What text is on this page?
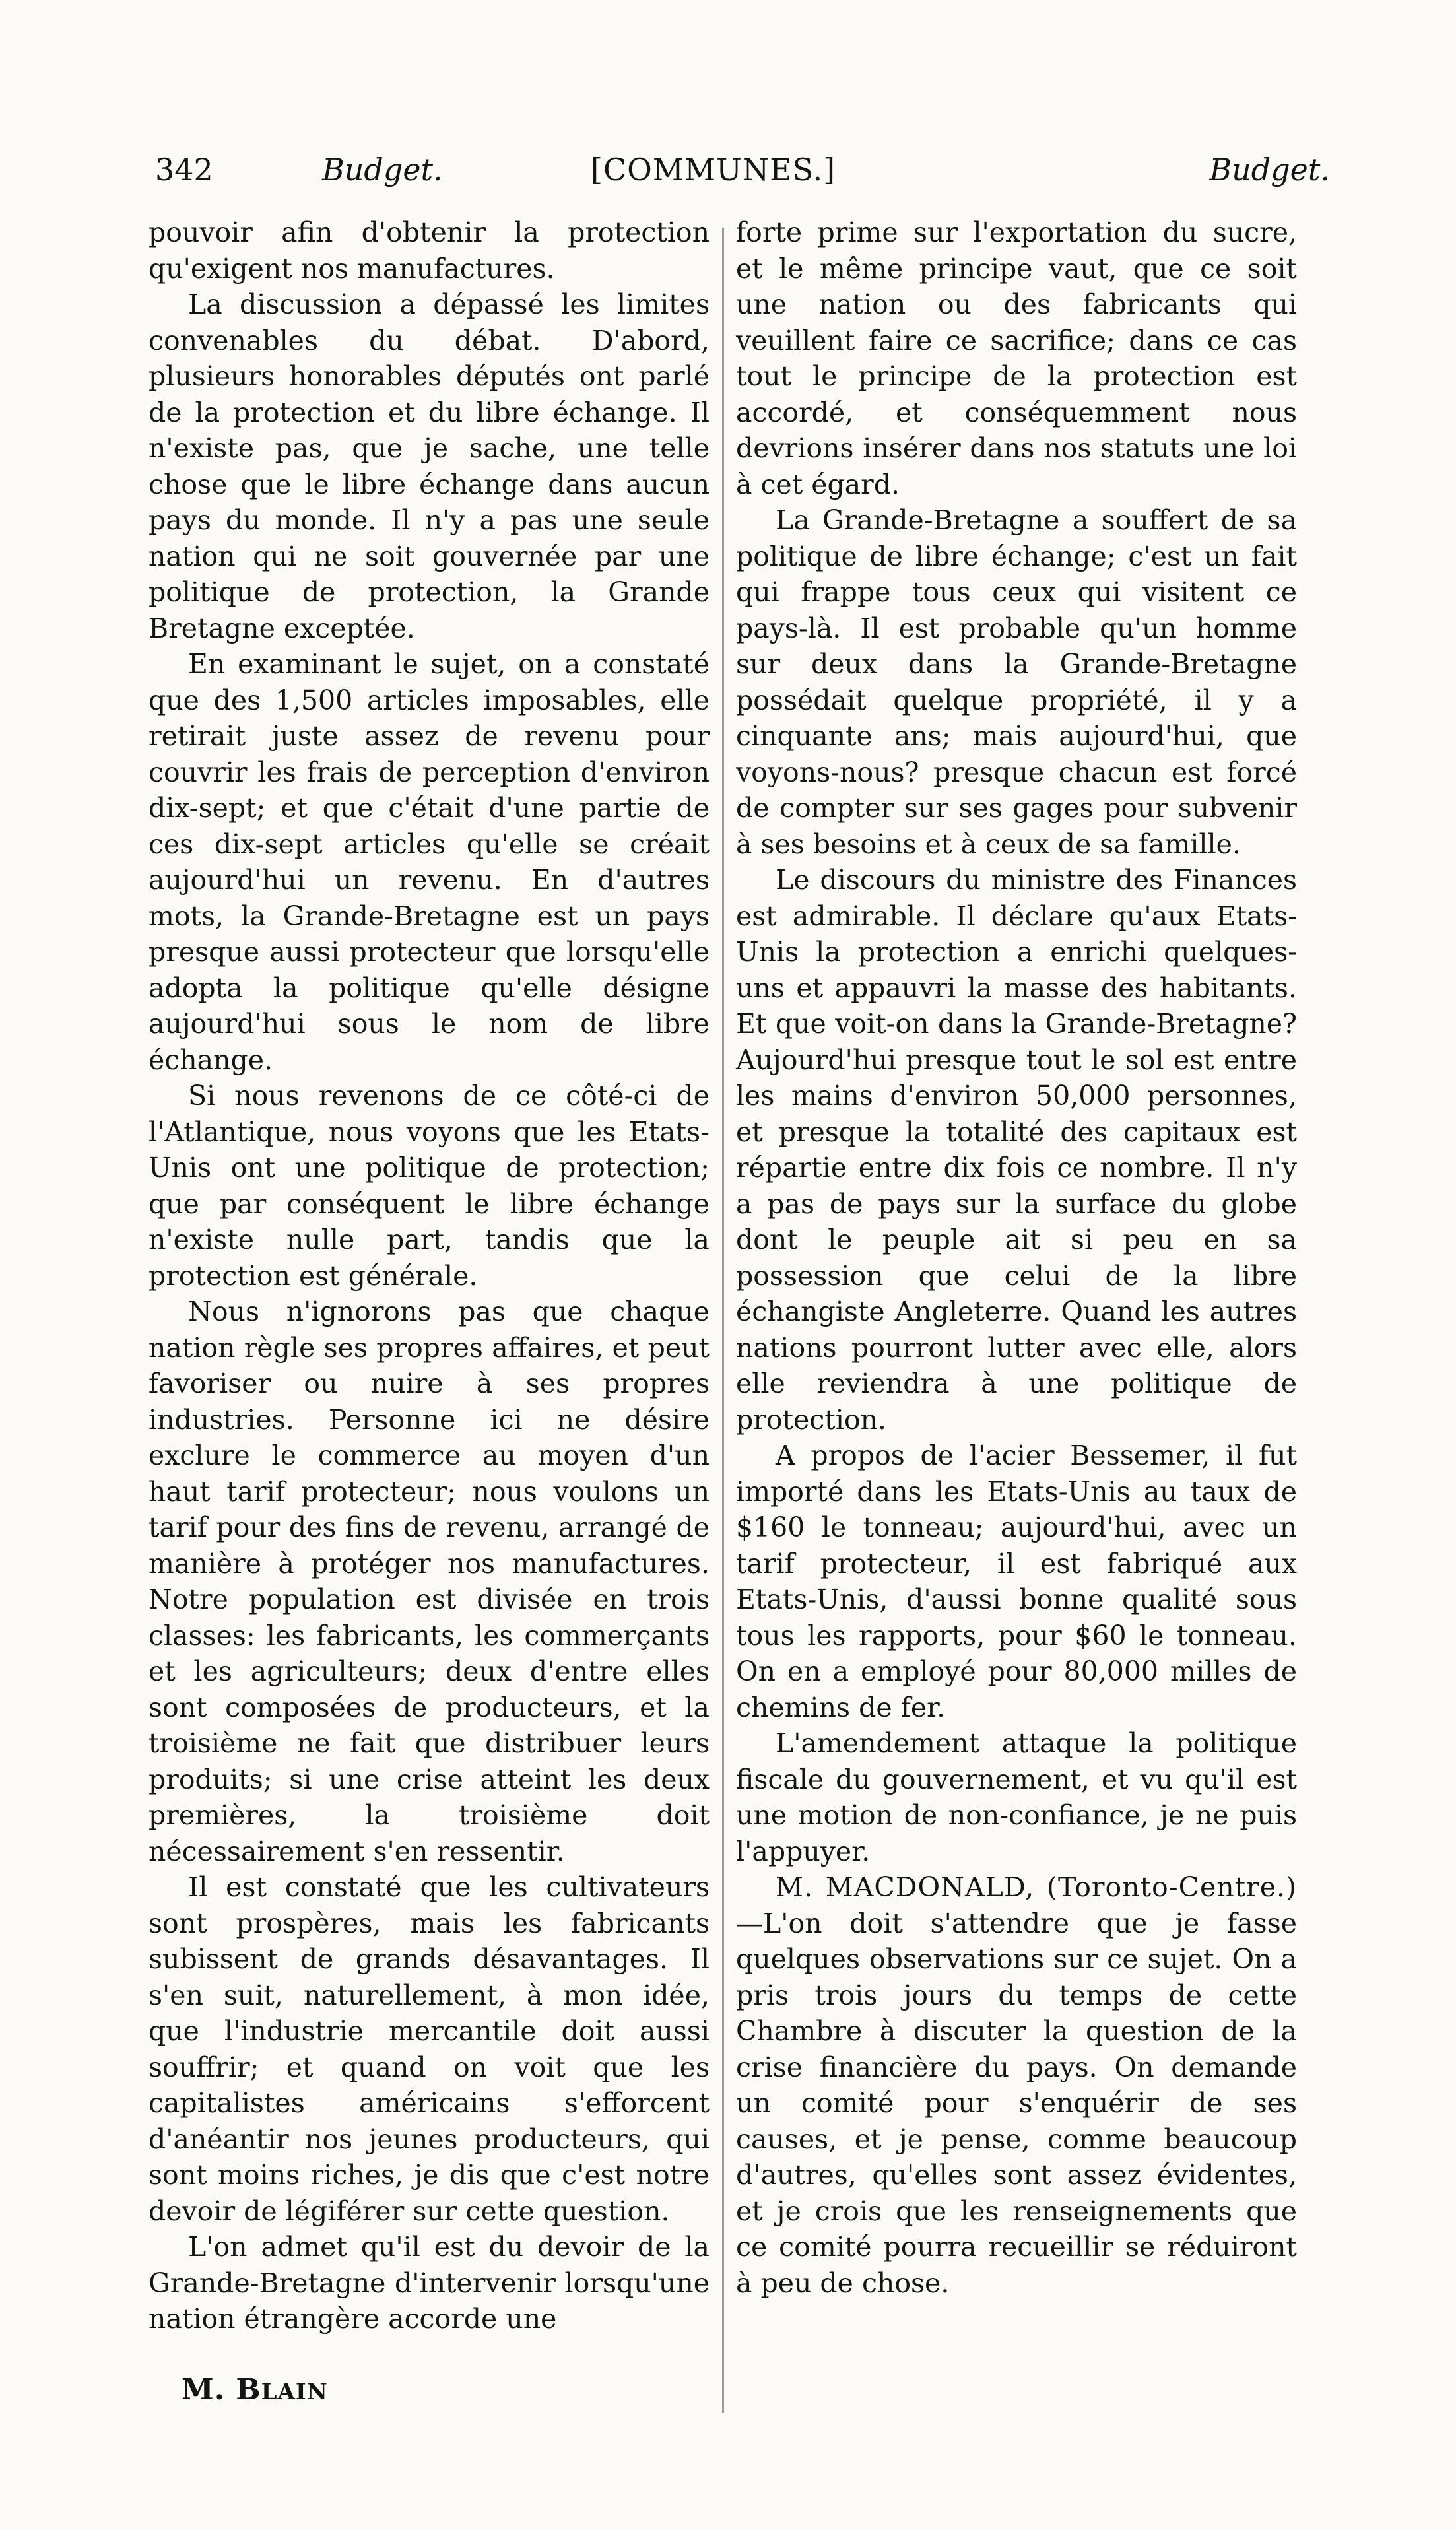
342	Budget.	[COMMUNES.]	Budget.

pouvoir afin d'obtenir la protection qu'exigent nos manufactures.

La discussion a dépassé les limites convenables du débat. D'abord, plusieurs honorables députés ont parlé de la protection et du libre échange. Il n'existe pas, que je sache, une telle chose que le libre échange dans aucun pays du monde. Il n'y a pas une seule nation qui ne soit gouvernée par une politique de protection, la Grande Bretagne exceptée.

En examinant le sujet, on a constaté que des 1,500 articles imposables, elle retirait juste assez de revenu pour couvrir les frais de perception d'environ dix-sept; et que c'était d'une partie de ces dix-sept articles qu'elle se créait aujourd'hui un revenu. En d'autres mots, la Grande-Bretagne est un pays presque aussi protecteur que lorsqu'elle adopta la politique qu'elle désigne aujourd'hui sous le nom de libre échange.

Si nous revenons de ce côté-ci de l'Atlantique, nous voyons que les Etats-Unis ont une politique de protection; que par conséquent le libre échange n'existe nulle part, tandis que la protection est générale.

Nous n'ignorons pas que chaque nation règle ses propres affaires, et peut favoriser ou nuire à ses propres industries. Personne ici ne désire exclure le commerce au moyen d'un haut tarif protecteur; nous voulons un tarif pour des fins de revenu, arrangé de manière à protéger nos manufactures. Notre population est divisée en trois classes: les fabricants, les commerçants et les agriculteurs; deux d'entre elles sont composées de producteurs, et la troisième ne fait que distribuer leurs produits; si une crise atteint les deux premières, la troisième doit nécessairement s'en ressentir.

Il est constaté que les cultivateurs sont prospères, mais les fabricants subissent de grands désavantages. Il s'en suit, naturellement, à mon idée, que l'industrie mercantile doit aussi souffrir; et quand on voit que les capitalistes américains s'efforcent d'anéantir nos jeunes producteurs, qui sont moins riches, je dis que c'est notre devoir de légiférer sur cette question.

L'on admet qu'il est du devoir de la Grande-Bretagne d'intervenir lorsqu'une nation étrangère accorde une

forte prime sur l'exportation du sucre, et le même principe vaut, que ce soit une nation ou des fabricants qui veuillent faire ce sacrifice; dans ce cas tout le principe de la protection est accordé, et conséquemment nous devrions insérer dans nos statuts une loi à cet égard.

La Grande-Bretagne a souffert de sa politique de libre échange; c'est un fait qui frappe tous ceux qui visitent ce pays-là. Il est probable qu'un homme sur deux dans la Grande-Bretagne possédait quelque propriété, il y a cinquante ans; mais aujourd'hui, que voyons-nous? presque chacun est forcé de compter sur ses gages pour subvenir à ses besoins et à ceux de sa famille.

Le discours du ministre des Finances est admirable. Il déclare qu'aux Etats-Unis la protection a enrichi quelques-uns et appauvri la masse des habitants. Et que voit-on dans la Grande-Bretagne? Aujourd'hui presque tout le sol est entre les mains d'environ 50,000 personnes, et presque la totalité des capitaux est répartie entre dix fois ce nombre. Il n'y a pas de pays sur la surface du globe dont le peuple ait si peu en sa possession que celui de la libre échangiste Angleterre. Quand les autres nations pourront lutter avec elle, alors elle reviendra à une politique de protection.

A propos de l'acier Bessemer, il fut importé dans les Etats-Unis au taux de $160 le tonneau; aujourd'hui, avec un tarif protecteur, il est fabriqué aux Etats-Unis, d'aussi bonne qualité sous tous les rapports, pour $60 le tonneau. On en a employé pour 80,000 milles de chemins de fer.

L'amendement attaque la politique fiscale du gouvernement, et vu qu'il est une motion de non-confiance, je ne puis l'appuyer.

M. MACDONALD, (Toronto-Centre.)—L'on doit s'attendre que je fasse quelques observations sur ce sujet. On a pris trois jours du temps de cette Chambre à discuter la question de la crise financière du pays. On demande un comité pour s'enquérir de ses causes, et je pense, comme beaucoup d'autres, qu'elles sont assez évidentes, et je crois que les renseignements que ce comité pourra recueillir se réduiront à peu de chose.

M. BLAIN
